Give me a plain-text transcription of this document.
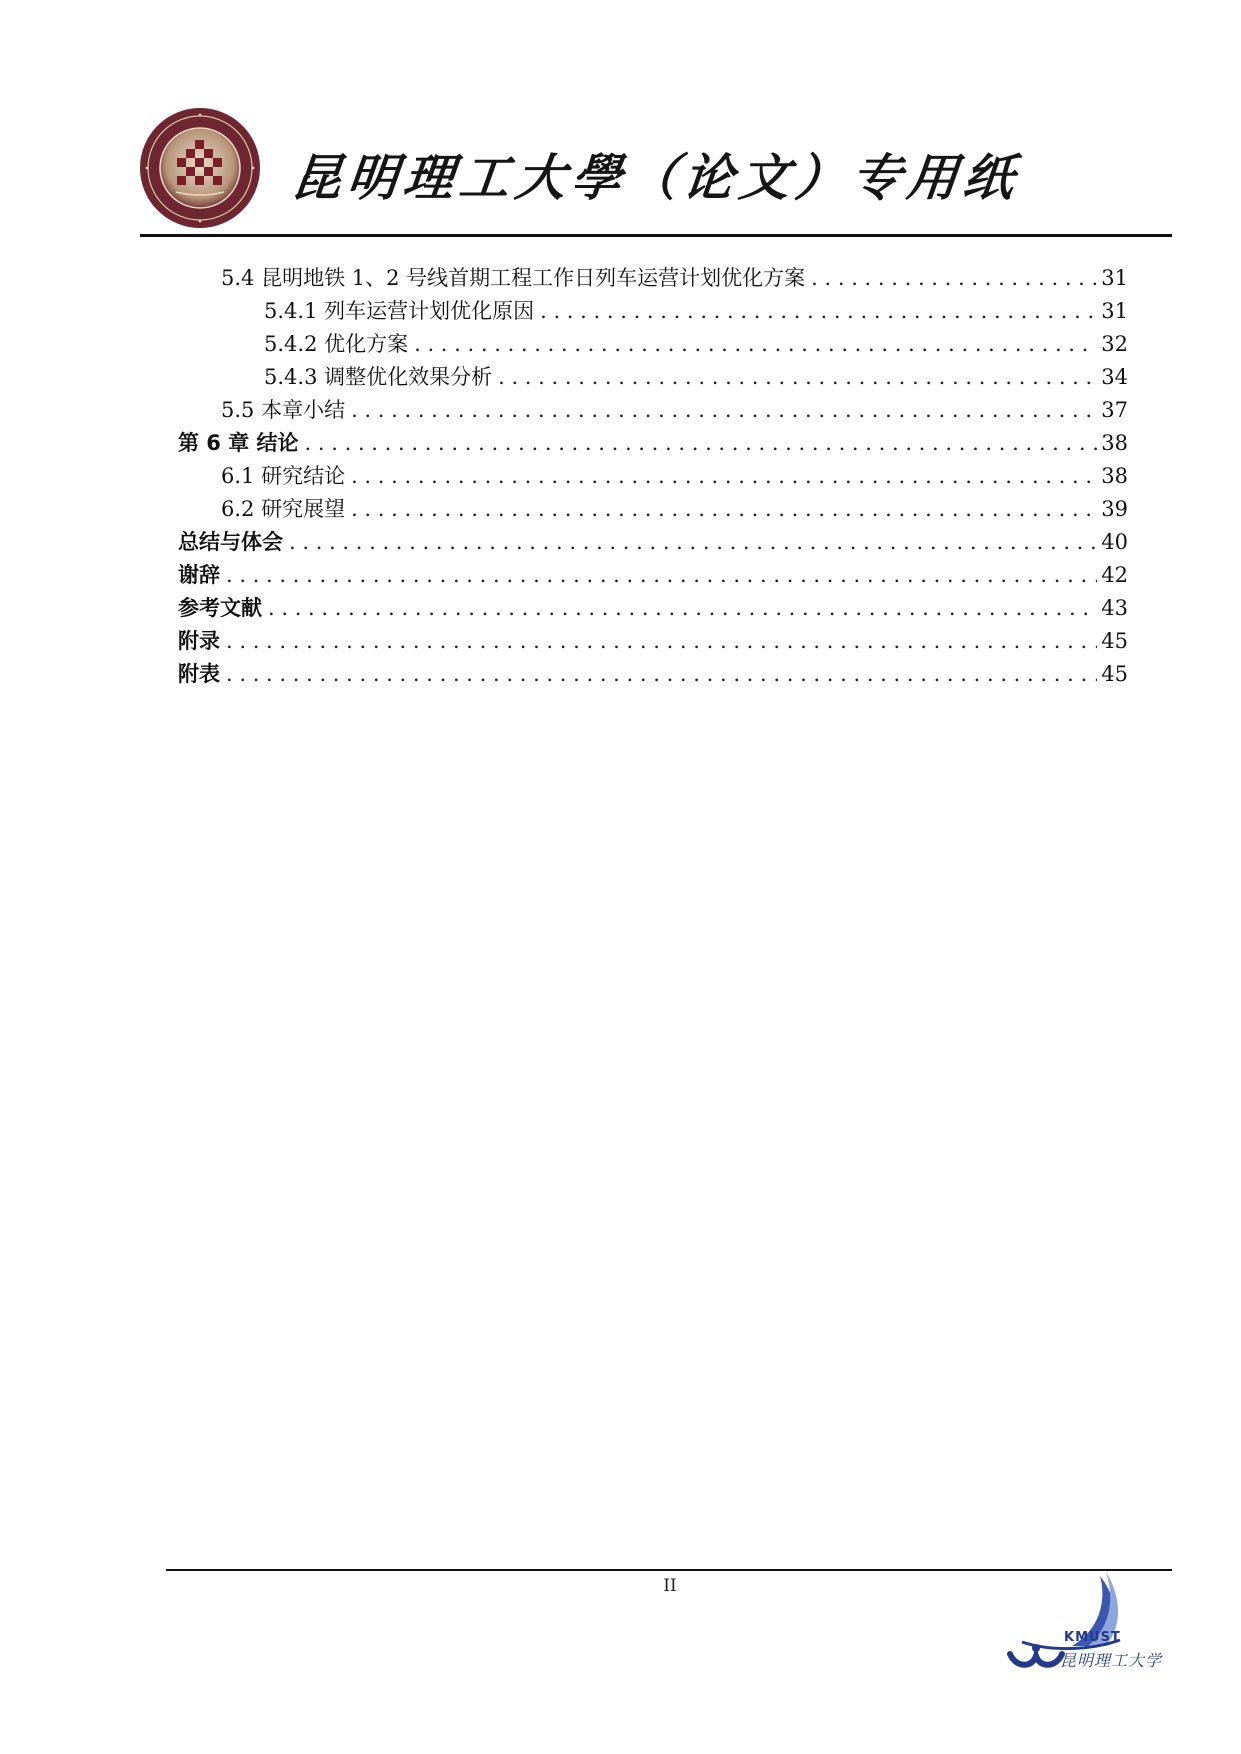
昆明理工大學（论文）专用纸
5.4 昆明地铁 1、2 号线首期工程工作日列车运营计划优化方案 . . .	31
5.4.1 列车运营计划优化原因 . . .	31
5.4.2 优化方案 . . .	32
5.4.3 调整优化效果分析 . . .	34
5.5 本章小结 . . .	37
第 6 章 结论 . . .	38
6.1 研究结论 . . .	38
6.2 研究展望 . . .	39
总结与体会 . . .	40
谢辞 . . .	42
参考文献 . . .	43
附录 . . .	45
附表 . . .	45
II
KMUST
昆明理工大学
